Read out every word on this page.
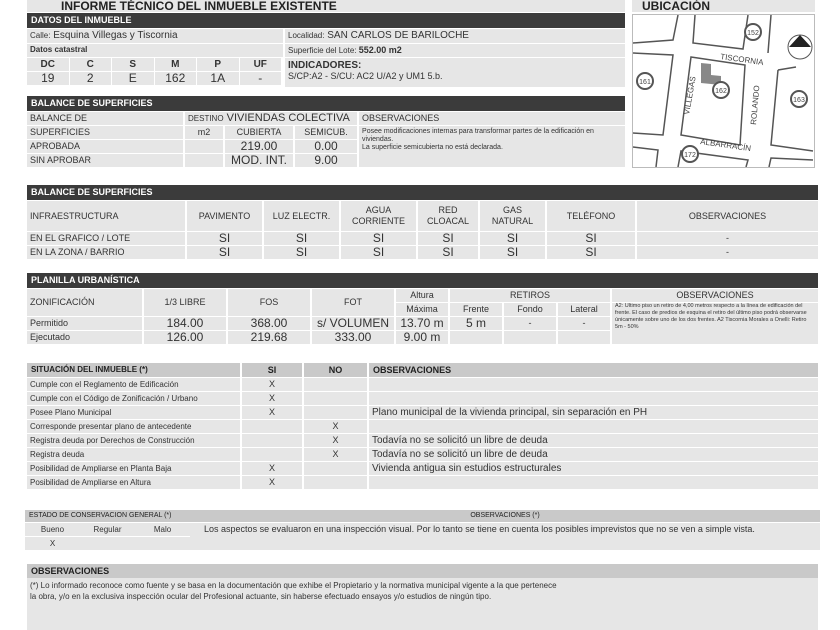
INFORME TÉCNICO DEL INMUEBLE EXISTENTE	UBICACIÓN
DATOS DEL INMUEBLE
Calle: Esquina Villegas y Tiscornia
Datos catastral
DC	C	S	M	P	UF
19	2	E	162	1A	-
Localidad: SAN CARLOS DE BARILOCHE
Superficie del Lote: 552.00 m2
INDICADORES:
S/CP:A2 - S/CU: AC2 U/A2 y UM1 5.b.
BALANCE DE SUPERFICIES
BALANCE DE	DESTINO VIVIENDAS COLECTIVA			OBSERVACIONES
SUPERFICIES	m2	CUBIERTA	SEMICUB.	Posee modificaciones internas para transformar partes de la edificación en viviendas.
La superficie semicubierta no está declarada.

APROBADA		219.00	0.00	
SIN APROBAR		MOD. INT.	9.00	
TISCORNIA
VILLEGAS	ROLANDO
ALBARRACÍN
152
161
162
163
172
BALANCE DE SUPERFICIES
INFRAESTRUCTURA	PAVIMENTO	LUZ ELECTR.	AGUA CORRIENTE	RED CLOACAL	GAS NATURAL	TELÉFONO	OBSERVACIONES
EN EL GRAFICO / LOTE	SI	SI	SI	SI	SI	SI	-
EN LA ZONA / BARRIO	SI	SI	SI	SI	SI	SI	-
PLANILLA URBANÍSTICA
ZONIFICACIÓN	1/3 LIBRE	FOS	FOT	Altura	RETIROS			OBSERVACIONES
				Máxima	Frente	Fondo	Lateral	A2: Último piso un retiro de 4,00 metros respecto a la línea de edificación del frente. El caso de predios de esquina el retiro del último piso podrá observarse únicamente sobre uno de los dos frentes. A2 Tiscornia Morales a Onelli: Retiro 5m - 50%
Permitido	184.00	368.00	s/ VOLUMEN	13.70 m	5 m	-	-	
Ejecutado	126.00	219.68	333.00	9.00 m				
SITUACIÓN DEL INMUEBLE (*)	SI	NO	OBSERVACIONES
Cumple con el Reglamento de Edificación	X		
Cumple con el Código de Zonificación / Urbano	X		
Posee Plano Municipal	X		Plano municipal de la vivienda principal, sin separación en PH
Corresponde presentar plano de antecedente		X	
Registra deuda por Derechos de Construcción		X	Todavía no se solicitó un libre de deuda
Registra deuda		X	Todavía no se solicitó un libre de deuda
Posibilidad de Ampliarse en Planta Baja	X		Vivienda antigua sin estudios estructurales
Posibilidad de Ampliarse en Altura	X		
ESTADO DE CONSERVACION GENERAL (*)			OBSERVACIONES (*)
Bueno	Regular	Malo	Los aspectos se evaluaron en una inspección visual. Por lo tanto se tiene en cuenta los posibles imprevistos que no se ven a simple vista.
X			
OBSERVACIONES
(*) Lo informado reconoce como fuente y se basa en la documentación que exhibe el Propietario y la normativa municipal vigente a la que pertenece
la obra, y/o en la exclusiva inspección ocular del Profesional actuante, sin haberse efectuado ensayos y/o estudios de ningún tipo.
